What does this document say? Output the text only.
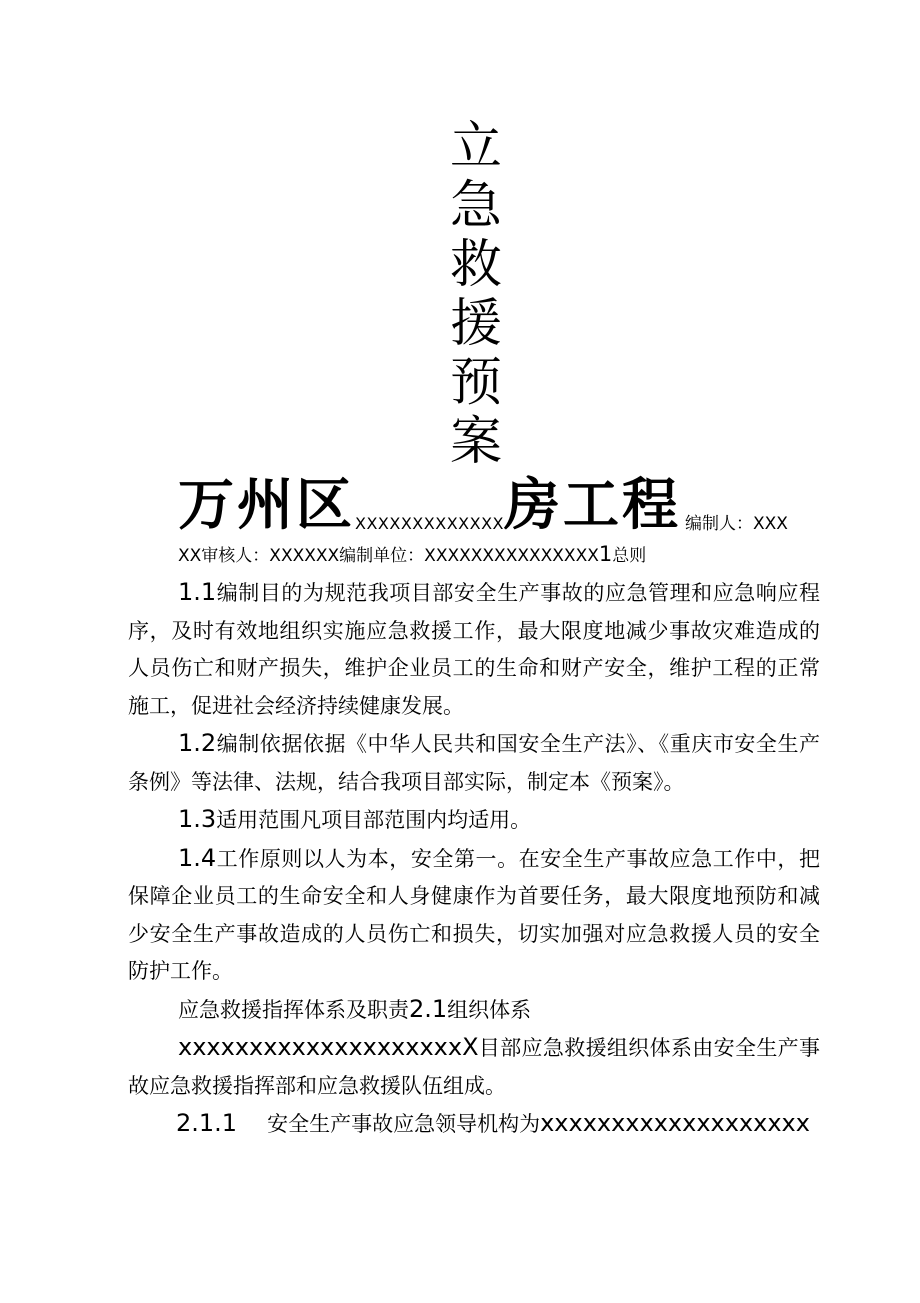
立
急
救
援
预
案
万州区 XXXXXXXXXXXXX 房工程 编制人：XXX
XX审核人：XXXXXX编制单位：XXXXXXXXXXXXXXX1总则

1.1编制目的为规范我项目部安全生产事故的应急管理和应急响应程序，及时有效地组织实施应急救援工作，最大限度地减少事故灾难造成的人员伤亡和财产损失，维护企业员工的生命和财产安全，维护工程的正常施工，促进社会经济持续健康发展。

1.2编制依据依据《中华人民共和国安全生产法》、《重庆市安全生产条例》等法律、法规，结合我项目部实际，制定本《预案》。

1.3适用范围凡项目部范围内均适用。

1.4工作原则以人为本，安全第一。在安全生产事故应急工作中，把保障企业员工的生命安全和人身健康作为首要任务，最大限度地预防和减少安全生产事故造成的人员伤亡和损失，切实加强对应急救援人员的安全防护工作。

应急救援指挥体系及职责2.1组织体系

xxxxxxxxxxxxxxxxxxxxX目部应急救援组织体系由安全生产事故应急救援指挥部和应急救援队伍组成。

2.1.1 安全生产事故应急领导机构为xxxxxxxxxxxxxxxxxxx
